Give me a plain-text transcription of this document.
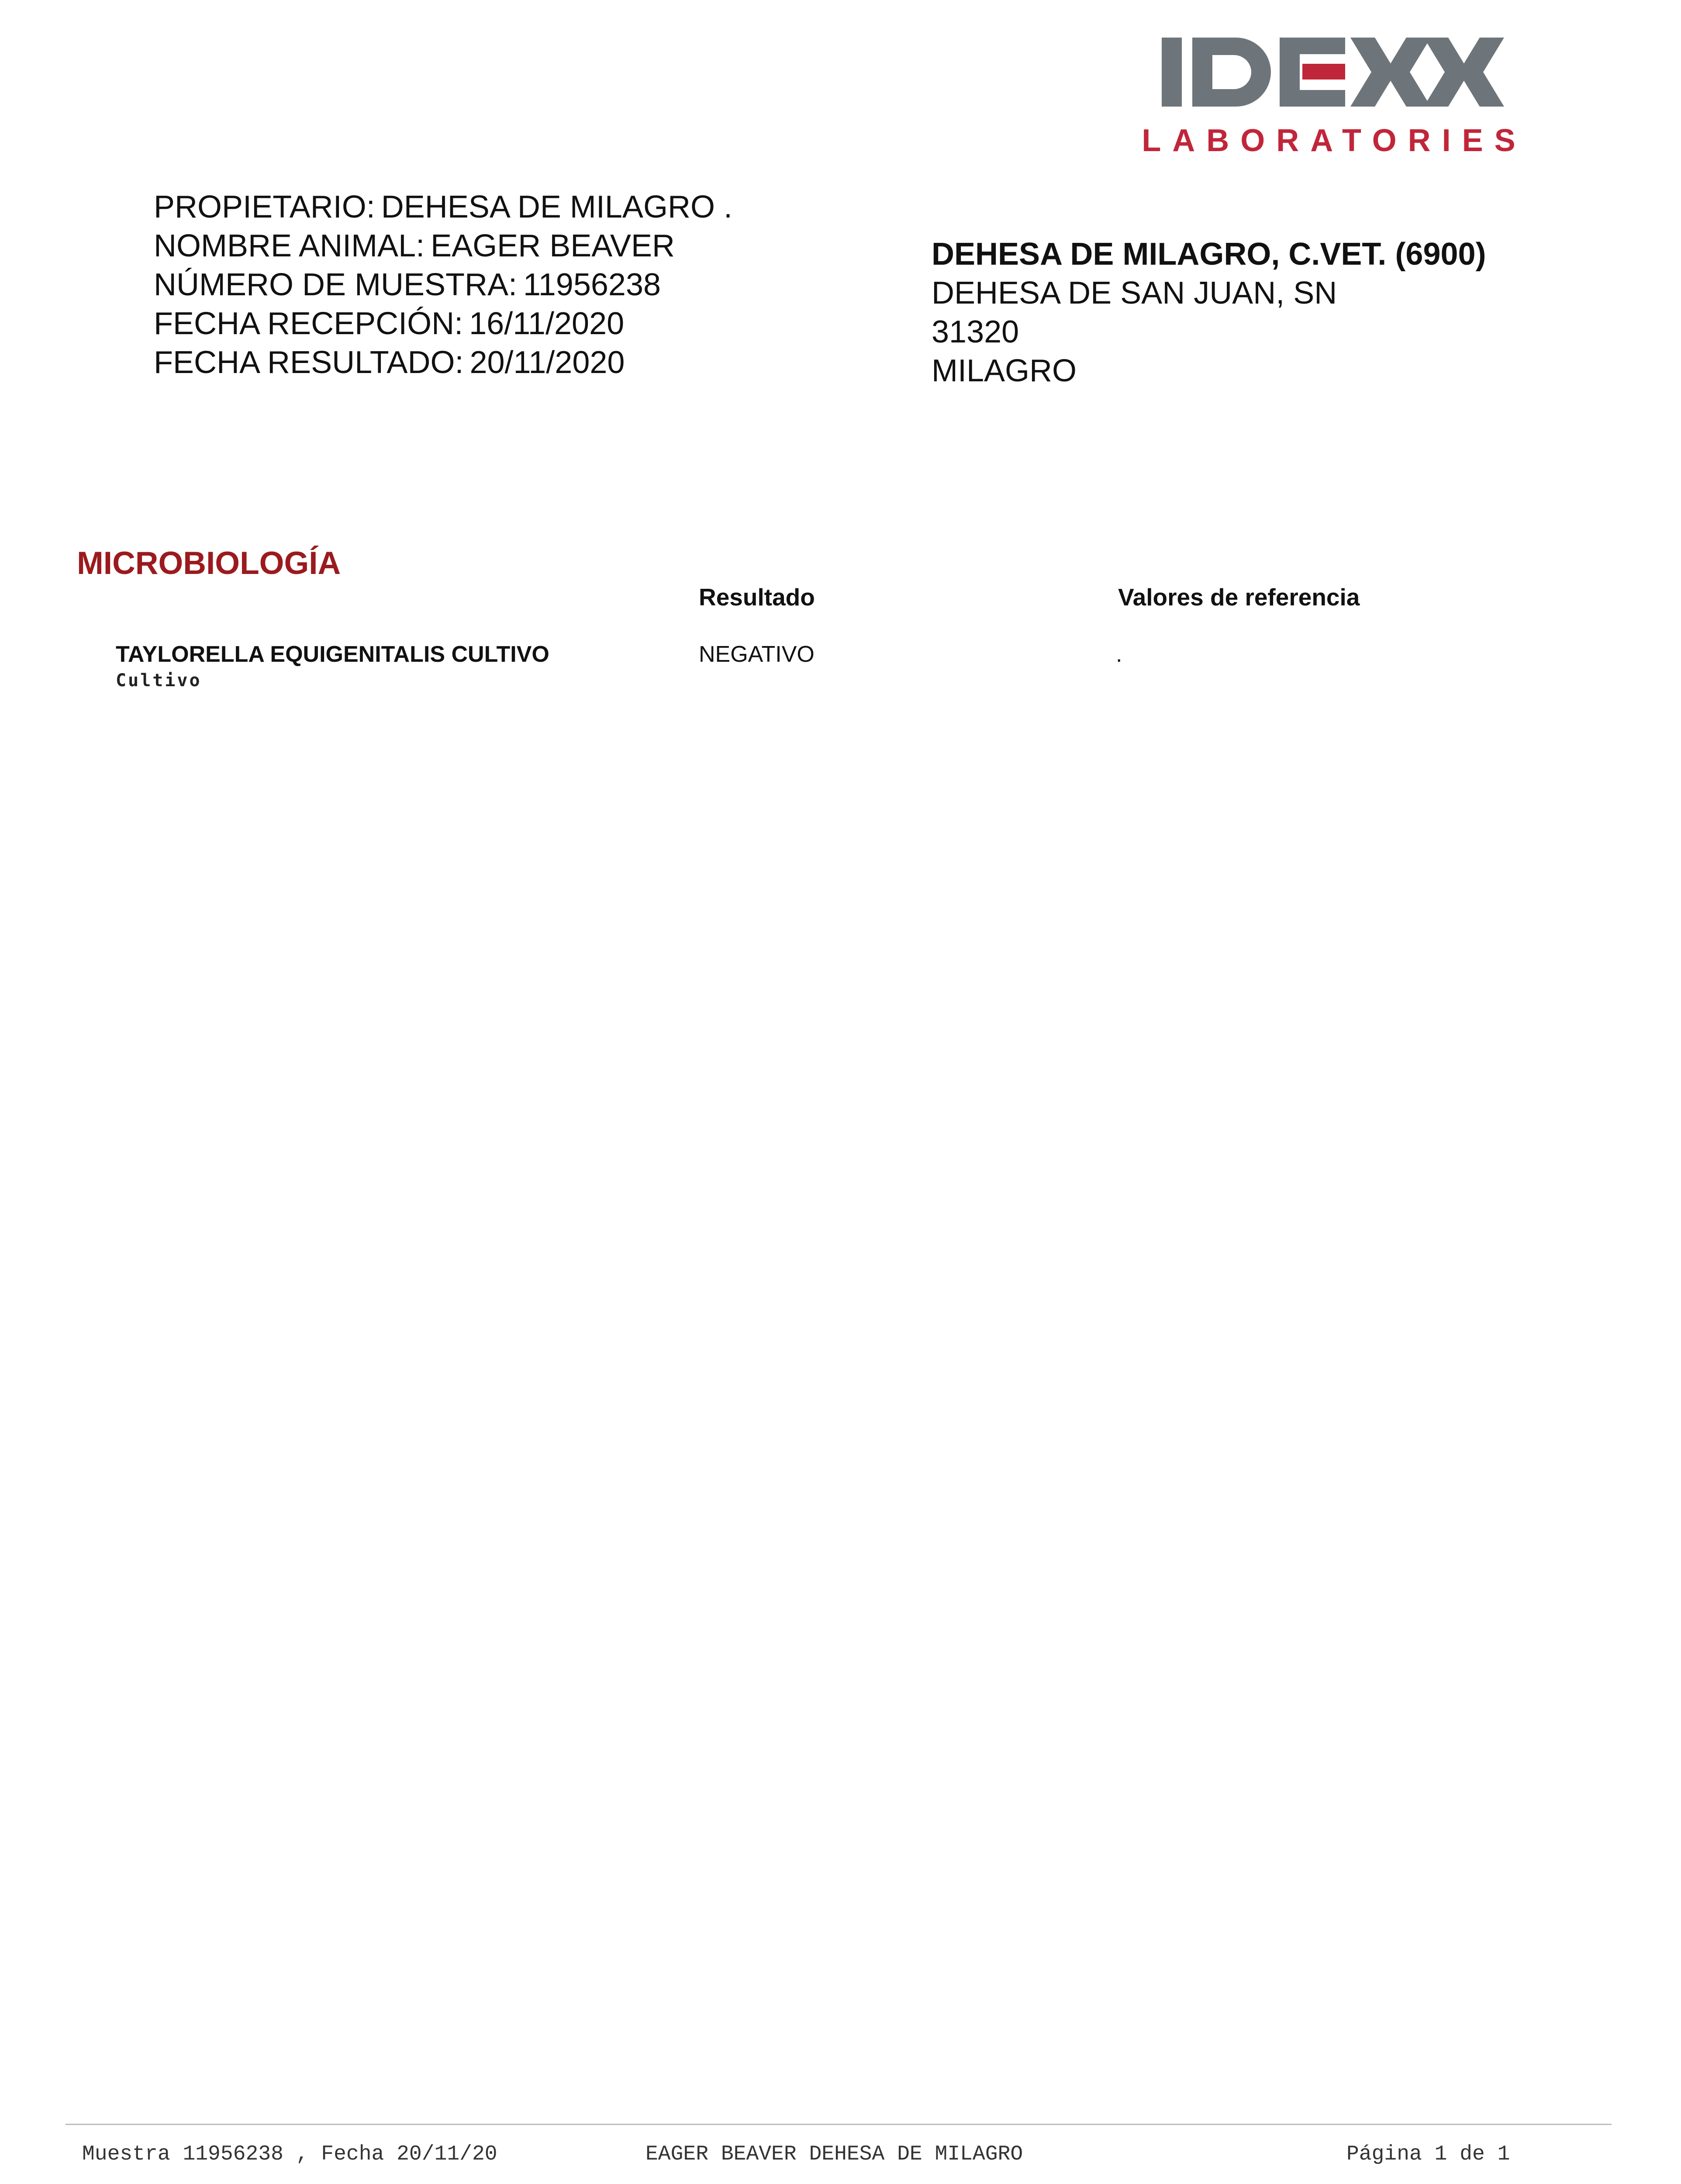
LABORATORIES
PROPIETARIO: DEHESA DE MILAGRO .
NOMBRE ANIMAL: EAGER BEAVER
NÚMERO DE MUESTRA: 11956238
FECHA RECEPCIÓN: 16/11/2020
FECHA RESULTADO: 20/11/2020
DEHESA DE MILAGRO, C.VET. (6900)
DEHESA DE SAN JUAN, SN
31320
MILAGRO
MICROBIOLOGÍA
Resultado	Valores de referencia
TAYLORELLA EQUIGENITALIS CULTIVO
Cultivo
NEGATIVO	.
Muestra 11956238 , Fecha 20/11/20	EAGER BEAVER DEHESA DE MILAGRO	Página 1 de 1
